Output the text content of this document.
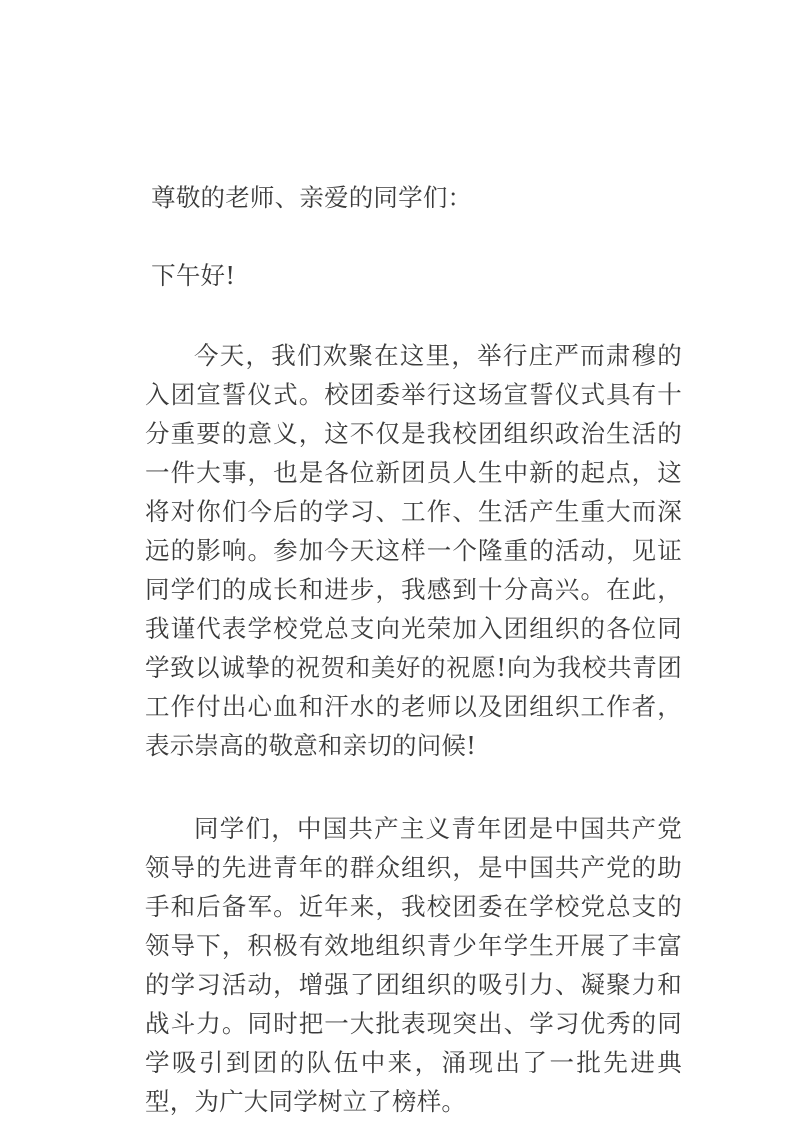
尊敬的老师、亲爱的同学们：

下午好!

今天，我们欢聚在这里，举行庄严而肃穆的入团宣誓仪式。校团委举行这场宣誓仪式具有十分重要的意义，这不仅是我校团组织政治生活的一件大事，也是各位新团员人生中新的起点，这将对你们今后的学习、工作、生活产生重大而深远的影响。参加今天这样一个隆重的活动，见证同学们的成长和进步，我感到十分高兴。在此，我谨代表学校党总支向光荣加入团组织的各位同学致以诚挚的祝贺和美好的祝愿!向为我校共青团工作付出心血和汗水的老师以及团组织工作者，表示崇高的敬意和亲切的问候!

同学们，中国共产主义青年团是中国共产党领导的先进青年的群众组织，是中国共产党的助手和后备军。近年来，我校团委在学校党总支的领导下，积极有效地组织青少年学生开展了丰富的学习活动，增强了团组织的吸引力、凝聚力和战斗力。同时把一大批表现突出、学习优秀的同学吸引到团的队伍中来，涌现出了一批先进典型，为广大同学树立了榜样。
